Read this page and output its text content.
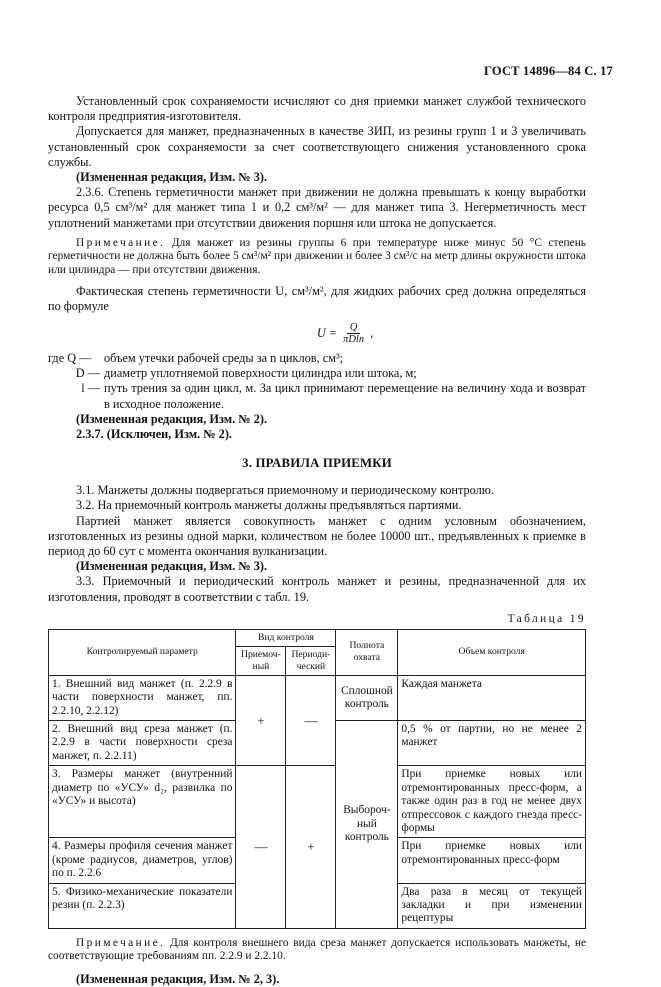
ГОСТ 14896—84 С. 17

Установленный срок сохраняемости исчисляют со дня приемки манжет службой технического контроля предприятия-изготовителя.

Допускается для манжет, предназначенных в качестве ЗИП, из резины групп 1 и 3 увеличивать установленный срок сохраняемости за счет соответствующего снижения установленного срока службы.

(Измененная редакция, Изм. № 3).

2.3.6. Степень герметичности манжет при движении не должна превышать к концу выработки ресурса 0,5 см³/м² для манжет типа 1 и 0,2 см³/м² — для манжет типа 3. Негерметичность мест уплотнений манжетами при отсутствии движения поршня или штока не допускается.

Примечание. Для манжет из резины группы 6 при температуре ниже минус 50 °С степень герметичности не должна быть более 5 см³/м² при движении и более 3 см³/с на метр длины окружности штока или цилиндра — при отсутствии движения.

Фактическая степень герметичности U, см³/м², для жидких рабочих сред должна определяться по формуле

$U = \frac{Q}{\pi Dln}$ ,
где Q —	объем утечки рабочей среды за n циклов, см³;
D — диаметр уплотняемой поверхности цилиндра или штока, м;
l — путь трения за один цикл, м. За цикл принимают перемещение на величину хода и возврат в исходное положение.

(Измененная редакция, Изм. № 2).

2.3.7. (Исключен, Изм. № 2).

3. ПРАВИЛА ПРИЕМКИ

3.1. Манжеты должны подвергаться приемочному и периодическому контролю.

3.2. На приемочный контроль манжеты должны предъявляться партиями.

Партией манжет является совокупность манжет с одним условным обозначением, изготовленных из резины одной марки, количеством не более 10000 шт., предъявленных к приемке в период до 60 сут с момента окончания вулканизации.

(Измененная редакция, Изм. № 3).

3.3. Приемочный и периодический контроль манжет и резины, предназначенной для их изготовления, проводят в соответствии с табл. 19.

Таблица 19
Контролируемый параметр	Вид контроля		Полнота охвата	Объем контроля
	Приемоч-ный	Периоди-ческий		
1. Внешний вид манжет (п. 2.2.9 в части поверхности манжет, пп. 2.2.10, 2.2.12)	+	—	Сплошной контроль	Каждая манжета
2. Внешний вид среза манжет (п. 2.2.9 в части поверхности среза манжет, п. 2.2.11)			Выбороч-ный контроль	0,5 % от партии, но не менее 2 манжет
3. Размеры манжет (внутренний диаметр по «УСУ» d₂, развилка по «УСУ» и высота)	—	+		При приемке новых или отремонтированных пресс-форм, а также один раз в год не менее двух отпрессовок с каждого гнезда пресс-формы
4. Размеры профиля сечения манжет (кроме радиусов, диаметров, углов) по п. 2.2.6				При приемке новых или отремонтированных пресс-форм
5. Физико-механические показатели резин (п. 2.2.3)				Два раза в месяц от текущей закладки и при изменении рецептуры

Примечание. Для контроля внешнего вида среза манжет допускается использовать манжеты, не соответствующие требованиям пп. 2.2.9 и 2.2.10.

(Измененная редакция, Изм. № 2, 3).
